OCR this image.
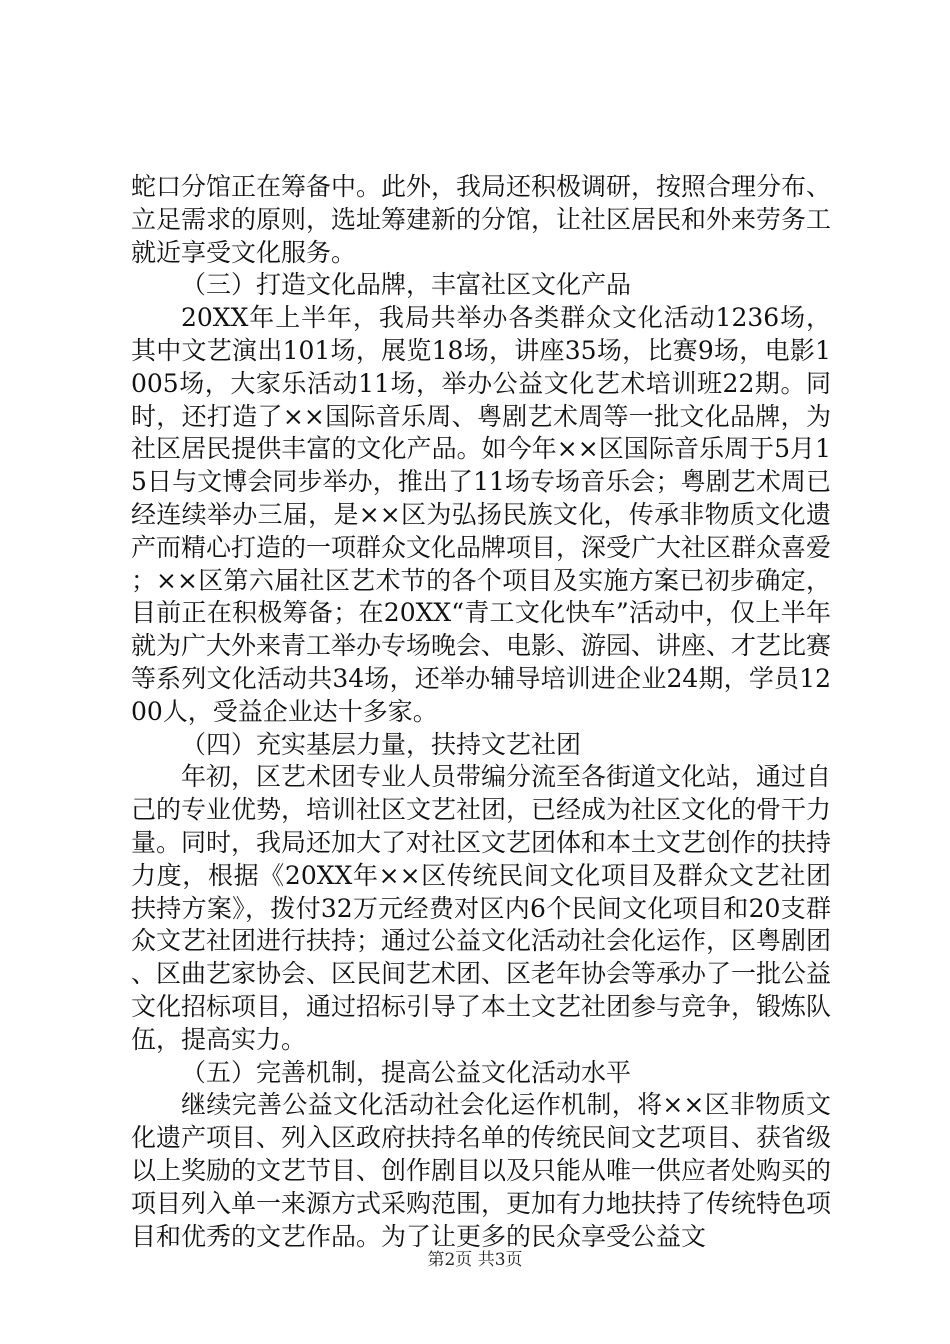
蛇口分馆正在筹备中。此外，我局还积极调研，按照合理分布、立足需求的原则，选址筹建新的分馆，让社区居民和外来劳务工就近享受文化服务。

（三）打造文化品牌，丰富社区文化产品

20XX年上半年，我局共举办各类群众文化活动1236场，其中文艺演出101场，展览18场，讲座35场，比赛9场，电影1005场，大家乐活动11场，举办公益文化艺术培训班22期。同时，还打造了××国际音乐周、粤剧艺术周等一批文化品牌，为社区居民提供丰富的文化产品。如今年××区国际音乐周于5月15日与文博会同步举办，推出了11场专场音乐会；粤剧艺术周已经连续举办三届，是××区为弘扬民族文化，传承非物质文化遗产而精心打造的一项群众文化品牌项目，深受广大社区群众喜爱；××区第六届社区艺术节的各个项目及实施方案已初步确定，目前正在积极筹备；在20XX“青工文化快车”活动中，仅上半年就为广大外来青工举办专场晚会、电影、游园、讲座、才艺比赛等系列文化活动共34场，还举办辅导培训进企业24期，学员1200人，受益企业达十多家。

（四）充实基层力量，扶持文艺社团

年初，区艺术团专业人员带编分流至各街道文化站，通过自己的专业优势，培训社区文艺社团，已经成为社区文化的骨干力量。同时，我局还加大了对社区文艺团体和本土文艺创作的扶持力度，根据《20XX年××区传统民间文化项目及群众文艺社团扶持方案》，拨付32万元经费对区内6个民间文化项目和20支群众文艺社团进行扶持；通过公益文化活动社会化运作，区粤剧团、区曲艺家协会、区民间艺术团、区老年协会等承办了一批公益文化招标项目，通过招标引导了本土文艺社团参与竞争，锻炼队伍，提高实力。

（五）完善机制，提高公益文化活动水平

继续完善公益文化活动社会化运作机制，将××区非物质文化遗产项目、列入区政府扶持名单的传统民间文艺项目、获省级以上奖励的文艺节目、创作剧目以及只能从唯一供应者处购买的项目列入单一来源方式采购范围，更加有力地扶持了传统特色项目和优秀的文艺作品。为了让更多的民众享受公益文

第2页 共3页
